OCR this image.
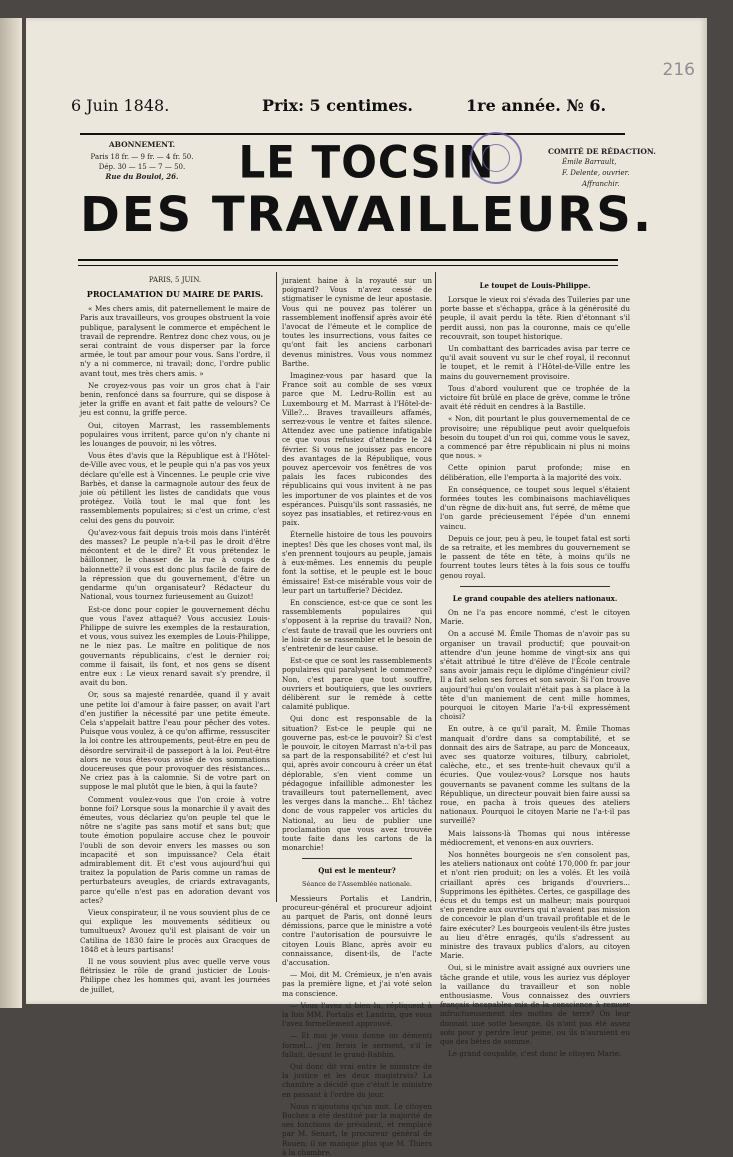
216
6 Juin 1848.	Prix: 5 centimes.	1re année. № 6.
ABONNEMENT.
Paris 18 fr. — 9 fr. — 4 fr. 50.
Dép. 30 — 15 — 7 — 50.
Rue du Bouloi, 26.	LE TOCSIN
DES TRAVAILLEURS.
COMITÉ DE RÉDACTION.
Émile Barrault,
F. Delente, ouvrier.
Affranchir.
PARIS, 5 JUIN.
PROCLAMATION DU MAIRE DE PARIS.

« Mes chers amis, dit paternellement le maire de Paris aux travailleurs, vos groupes obstruent la voie publique, paralysent le commerce et empêchent le travail de reprendre. Rentrez donc chez vous, ou je serai contraint de vous disperser par la force armée, le tout par amour pour vous. Sans l'ordre, il n'y a ni commerce, ni travail; donc, l'ordre public avant tout, mes très chers amis. »

Ne croyez-vous pas voir un gros chat à l'air benin, renfoncé dans sa fourrure, qui se dispose à jeter la griffe en avant et fait patte de velours? Ce jeu est connu, la griffe perce.

Oui, citoyen Marrast, les rassemblements populaires vous irritent, parce qu'on n'y chante ni les louanges de pouvoir, ni les vôtres.

Vous êtes d'avis que la République est à l'Hôtel-de-Ville avec vous, et le peuple qui n'a pas vos yeux déclare qu'elle est à Vincennes. Le peuple crie vive Barbès, et danse la carmagnole autour des feux de joie où pétillent les listes de candidats que vous protégez. Voilà tout le mal que font les rassemblements populaires; si c'est un crime, c'est celui des gens du pouvoir.

Qu'avez-vous fait depuis trois mois dans l'intérêt des masses? Le peuple n'a-t-il pas le droit d'être mécontent et de le dire? Et vous prétendez le bâillonner, le chasser de la rue à coups de baïonnette? il vous est donc plus facile de faire de la répression que du gouvernement, d'être un gendarme qu'un organisateur? Rédacteur du National, vous tournez furieusement au Guizot!

Est-ce donc pour copier le gouvernement déchu que vous l'avez attaqué? Vous accusiez Louis-Philippe de suivre les exemples de la restauration, et vous, vous suivez les exemples de Louis-Philippe, ne le niez pas. Le maître en politique de nos gouvernants républicains, c'est le dernier roi; comme il faisait, ils font, et nos gens se disent entre eux : Le vieux renard savait s'y prendre, il avait du bon.

Or, sous sa majesté renardée, quand il y avait une petite loi d'amour à faire passer, on avait l'art d'en justifier la nécessité par une petite émeute. Cela s'appelait battre l'eau pour pêcher des votes. Puisque vous voulez, à ce qu'on affirme, ressusciter la loi contre les attroupements, peut-être en peu de désordre servirait-il de passeport à la loi. Peut-être alors ne vous êtes-vous avisé de vos sommations doucereuses que pour provoquer des résistances... Ne criez pas à la calomnie. Si de votre part on suppose le mal plutôt que le bien, à qui la faute?

Comment voulez-vous que l'on croie à votre bonne foi? Lorsque sous la monarchie il y avait des émeutes, vous déclariez qu'on peuple tel que le nôtre ne s'agite pas sans motif et sans but; que toute émotion populaire accuse chez le pouvoir l'oubli de son devoir envers les masses ou son incapacité et son impuissance? Cela était admirablement dit. Et c'est vous aujourd'hui qui traitez la population de Paris comme un ramas de perturbateurs aveugles, de criards extravagants, parce qu'elle n'est pas en adoration devant vos actes?

Vieux conspirateur, il ne vous souvient plus de ce qui explique les mouvements séditieux ou tumultueux? Avouez qu'il est plaisant de voir un Catilina de 1830 faire le procès aux Gracques de 1848 et à leurs partisans!

Il ne vous souvient plus avec quelle verve vous flétrissiez le rôle de grand justicier de Louis-Philippe chez les hommes qui, avant les journées de juillet,

juraient haine à la royauté sur un poignard? Vous n'avez cessé de stigmatiser le cynisme de leur apostasie. Vous qui ne pouvez pas tolérer un rassemblement inoffensif après avoir été l'avocat de l'émeute et le complice de toutes les insurrections, vous faites ce qu'ont fait les anciens carbonari devenus ministres. Vous vous nommez Barthe.

Imaginez-vous par hasard que la France soit au comble de ses vœux parce que M. Ledru-Rollin est au Luxembourg et M. Marrast à l'Hôtel-de-Ville?... Braves travailleurs affamés, serrez-vous le ventre et faites silence. Attendez avec une patience infatigable ce que vous refusiez d'attendre le 24 février. Si vous ne jouissez pas encore des avantages de la République, vous pouvez apercevoir vos fenêtres de vos palais les faces rubicondes des républicains qui vous invitent à ne pas les importuner de vos plaintes et de vos espérances. Puisqu'ils sont rassasiés, ne soyez pas insatiables, et retirez-vous en paix.

Éternelle histoire de tous les pouvoirs ineptes! Dès que les choses vont mal, ils s'en prennent toujours au peuple, jamais à eux-mêmes. Les ennemis du peuple font la sottise, et le peuple est le bouc émissaire! Est-ce misérable vous voir de leur part un tartufferie? Décidez.

En conscience, est-ce que ce sont les rassemblements populaires qui s'opposent à la reprise du travail? Non, c'est faute de travail que les ouvriers ont le loisir de se rassembler et le besoin de s'entretenir de leur cause.

Est-ce que ce sont les rassemblements populaires qui paralysent le commerce? Non, c'est parce que tout souffre, ouvriers et boutiquiers, que les ouvriers délibèrent sur le remède à cette calamité publique.

Qui donc est responsable de la situation? Est-ce le peuple qui ne gouverne pas, est-ce le pouvoir? Si c'est le pouvoir, le citoyen Marrast n'a-t-il pas sa part de la responsabilité? et c'est lui qui, après avoir concouru à créer un état déplorable, s'en vient comme un pédagogue infaillible admonester les travailleurs tout paternellement, avec les verges dans la manche... Eh! tâchez donc de vous rappeler vos articles du National, au lieu de publier une proclamation que vous avez trouvée toute faite dans les cartons de la monarchie!

Qui est le menteur?
Séance de l'Assemblée nationale.

Messieurs Portalis et Landrin, procureur-général et procureur adjoint au parquet de Paris, ont donné leurs démissions, parce que le ministre a voté contre l'autorisation de poursuivre le citoyen Louis Blanc, après avoir eu connaissance, disent-ils, de l'acte d'accusation.

— Moi, dit M. Crémieux, je n'en avais pas la première ligne, et j'ai voté selon ma conscience.

— Vous l'avez si bien lu, répliquent à la fois MM. Portalis et Landrin, que vous l'avez formellement approuvé.

— Et moi je vous donne un démenti formel... j'en ferais le serment, s'il le fallait, devant le grand-Rabbin.

Qui donc dit vrai entre le ministre de la justice et les deux magistrats? La chambre a décidé que c'était le ministre en passant à l'ordre du jour.

Nous n'ajoutons qu'un mot. Le citoyen Buchez a été destitué par la majorité de ses fonctions de président, et remplacé par M. Senart, le procureur général de Rouen; il ne manque plus que M. Thiers à la chambre.

Le toupet de Louis-Philippe.

Lorsque le vieux roi s'évada des Tuileries par une porte basse et s'échappa, grâce à la générosité du peuple, il avait perdu la tête. Rien d'étonnant s'il perdit aussi, non pas la couronne, mais ce qu'elle recouvrait, son toupet historique.

Un combattant des barricades avisa par terre ce qu'il avait souvent vu sur le chef royal, il reconnut le toupet, et le remit à l'Hôtel-de-Ville entre les mains du gouvernement provisoire.

Tous d'abord voulurent que ce trophée de la victoire fût brûlé en place de grève, comme le trône avait été réduit en cendres à la Bastille.

« Non, dit pourtant le plus gouvernemental de ce provisoire; une république peut avoir quelquefois besoin du toupet d'un roi qui, comme vous le savez, a commencé par être républicain ni plus ni moins que nous. »

Cette opinion parut profonde; mise en délibération, elle l'emporta à la majorité des voix.

En conséquence, ce toupet sous lequel s'étaient formées toutes les combinaisons machiavéliques d'un règne de dix-huit ans, fut serré, de même que l'on garde précieusement l'épée d'un ennemi vaincu.

Depuis ce jour, peu à peu, le toupet fatal est sorti de sa retraite, et les membres du gouvernement se le passent de tête en tête, à moins qu'ils ne fourrent toutes leurs têtes à la fois sous ce touffu genou royal.

Le grand coupable des ateliers nationaux.

On ne l'a pas encore nommé, c'est le citoyen Marie.

On a accusé M. Émile Thomas de n'avoir pas su organiser un travail productif; que pouvait-on attendre d'un jeune homme de vingt-six ans qui s'était attribué le titre d'élève de l'École centrale sans avoir jamais reçu le diplôme d'ingénieur civil? Il a fait selon ses forces et son savoir. Si l'on trouve aujourd'hui qu'on voulait n'était pas à sa place à la tête d'un maniement de cent mille hommes, pourquoi le citoyen Marie l'a-t-il expressément choisi?

En outre, à ce qu'il paraît, M. Émile Thomas manquait d'ordre dans sa comptabilité, et se donnait des airs de Satrape, au parc de Monceaux, avec ses quatorze voitures, tilbury, cabriolet, calèche, etc., et ses trente-huit chevaux qu'il a écuries. Que voulez-vous? Lorsque nos hauts gouvernants se pavanent comme les sultans de la République, un directeur pouvait bien faire aussi sa roue, en pacha à trois queues des ateliers nationaux. Pourquoi le citoyen Marie ne l'a-t-il pas surveillé?

Mais laissons-là Thomas qui nous intéresse médiocrement, et venons-en aux ouvriers.

Nos honnêtes bourgeois ne s'en consolent pas, les ateliers nationaux ont coûté 170,000 fr. par jour et n'ont rien produit; on les a volés. Et les voilà criaillant après ces brigands d'ouvriers... Supprimons les épithètes. Certes, ce gaspillage des écus et du temps est un malheur; mais pourquoi s'en prendre aux ouvriers qui n'avaient pas mission de concevoir le plan d'un travail profitable et de le faire exécuter? Les bourgeois veulent-ils être justes au lieu d'être enragés, qu'ils s'adressent au ministre des travaux publics d'alors, au citoyen Marie.

Oui, si le ministre avait assigné aux ouvriers une tâche grande et utile, vous les auriez vus déployer la vaillance du travailleur et son noble enthousiasme. Vous connaissez des ouvriers français incapables mis de la conscience à remuer infructueusement des mottes de terre? On leur donnait une sotte besogne, ils n'ont pas été assez sots pour y perdre leur peine, ou ils n'auraient eu que des bêtes de somme.

Le grand coupable, c'est donc le citoyen Marie.
